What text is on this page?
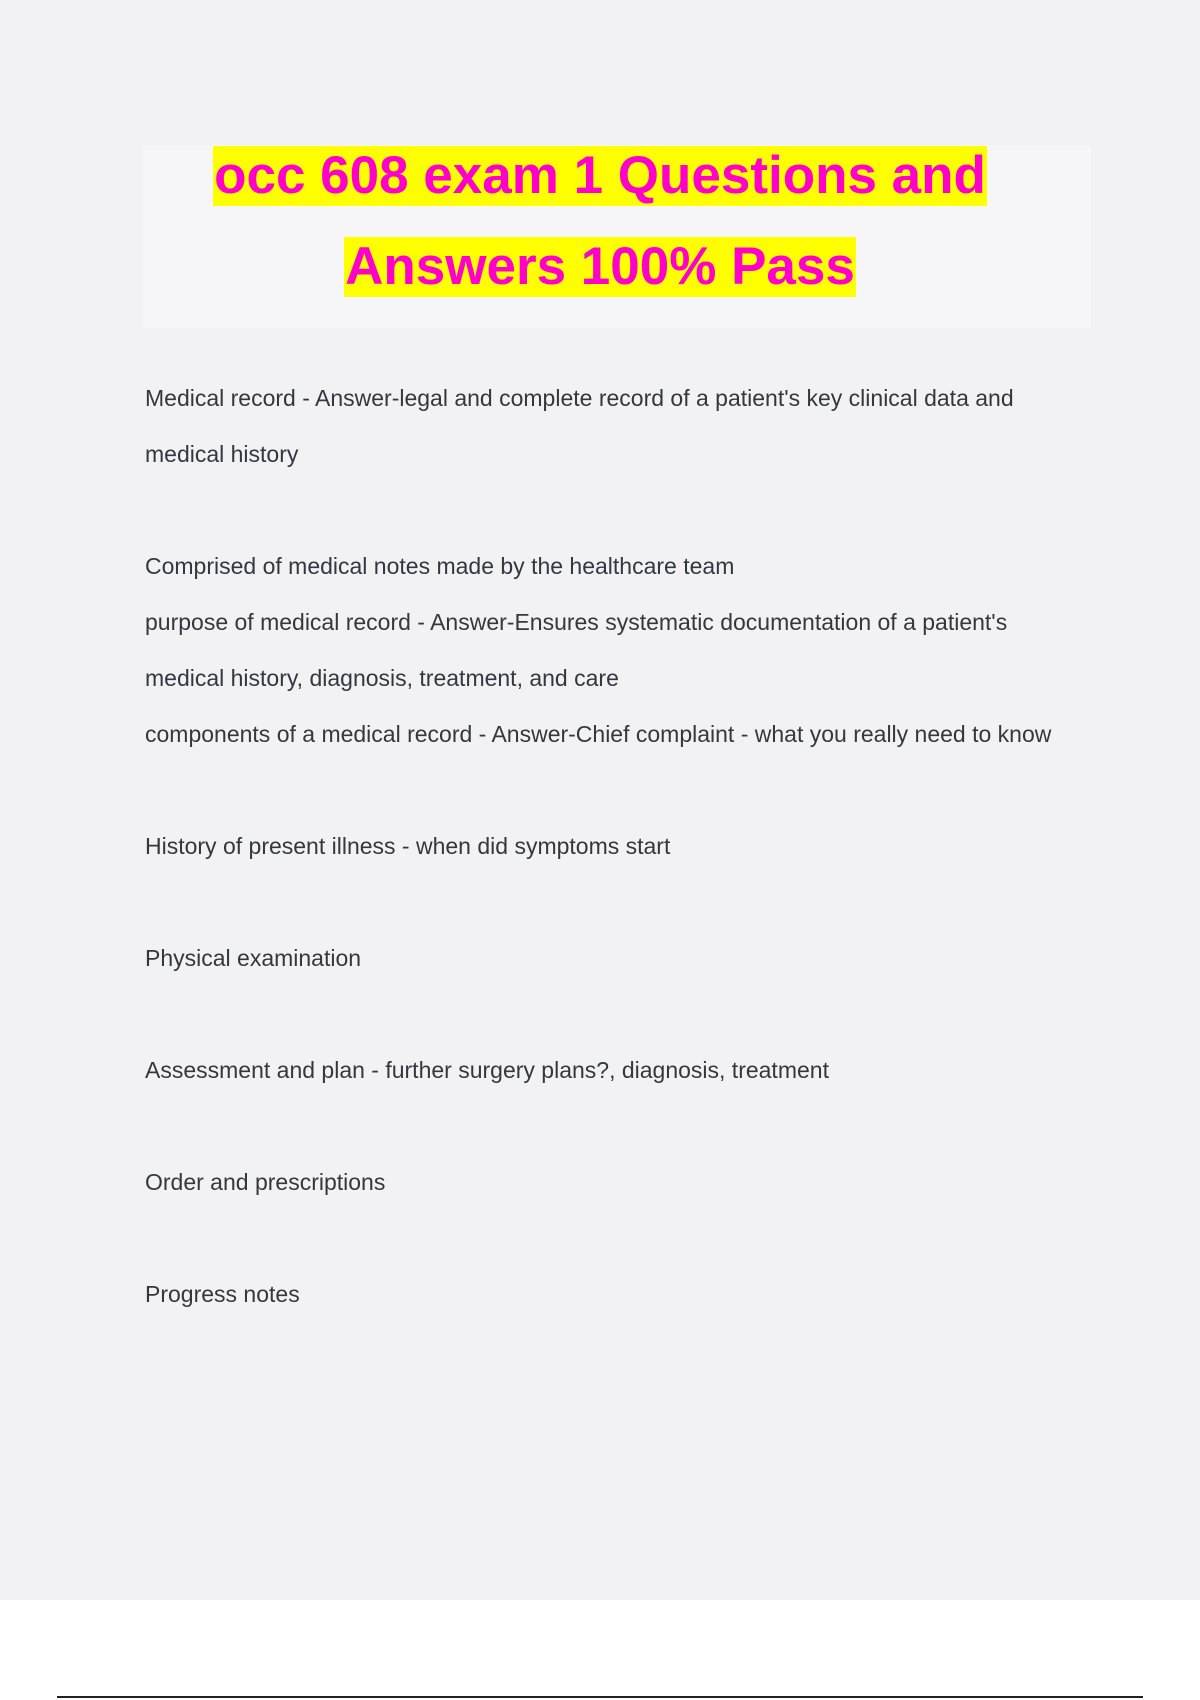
occ 608 exam 1 Questions and
Answers 100% Pass

Medical record - Answer-legal and complete record of a patient's key clinical data and medical history

Comprised of medical notes made by the healthcare team

purpose of medical record - Answer-Ensures systematic documentation of a patient's medical history, diagnosis, treatment, and care

components of a medical record - Answer-Chief complaint - what you really need to know

History of present illness - when did symptoms start

Physical examination

Assessment and plan - further surgery plans?, diagnosis, treatment

Order and prescriptions

Progress notes
